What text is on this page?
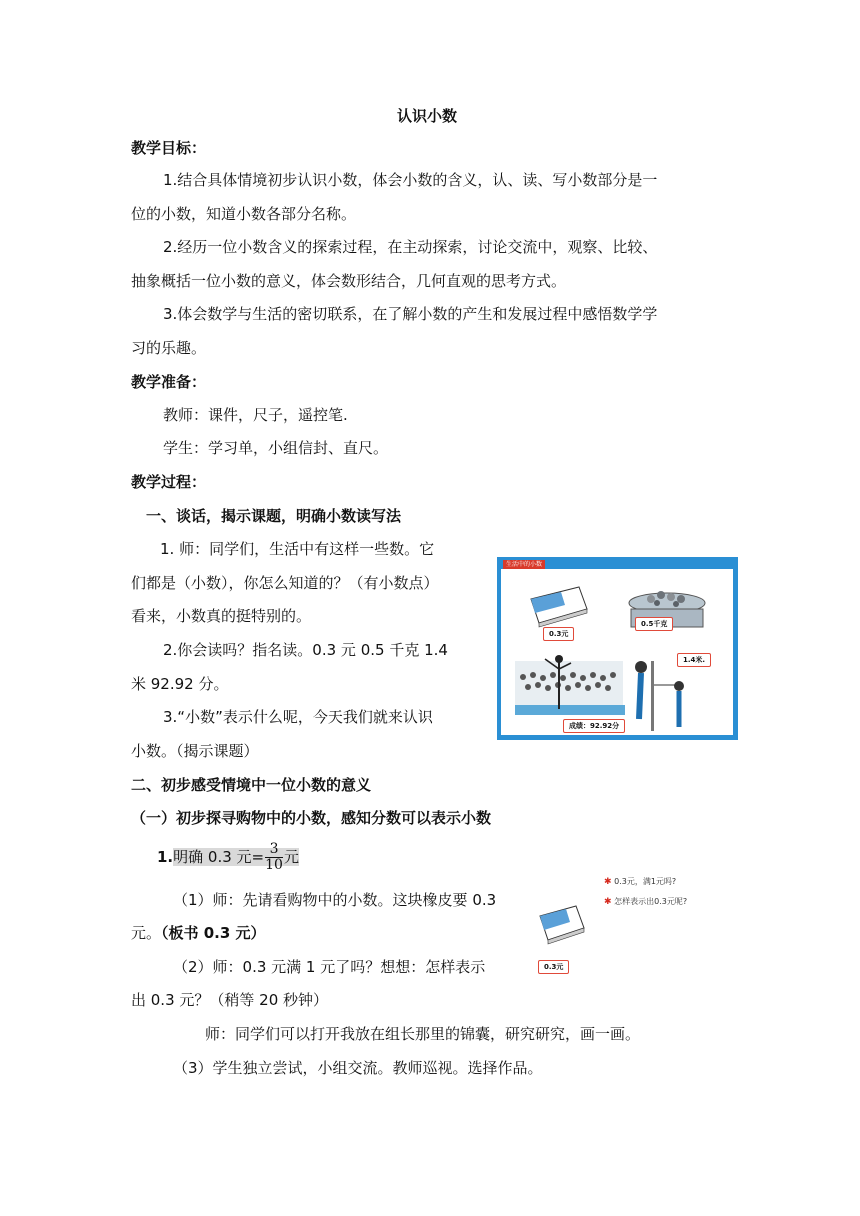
认识小数
教学目标：
1.结合具体情境初步认识小数，体会小数的含义，认、读、写小数部分是一
位的小数，知道小数各部分名称。
2.经历一位小数含义的探索过程，在主动探索，讨论交流中，观察、比较、
抽象概括一位小数的意义，体会数形结合，几何直观的思考方式。
3.体会数学与生活的密切联系，在了解小数的产生和发展过程中感悟数学学
习的乐趣。
教学准备：
教师：课件，尺子，遥控笔.
学生：学习单，小组信封、直尺。
教学过程：
一、谈话，揭示课题，明确小数读写法
1. 师：同学们，生活中有这样一些数。它
们都是（小数），你怎么知道的？（有小数点）
看来，小数真的挺特别的。
2.你会读吗？指名读。0.3 元 0.5 千克 1.4
米 92.92 分。
3.“小数”表示什么呢，今天我们就来认识
小数。（揭示课题）
生活中的小数
0.3元
0.5千克
1.4米.
成绩：92.92分
二、初步感受情境中一位小数的意义
（一）初步探寻购物中的小数，感知分数可以表示小数
1.明确 0.3 元= $\frac{3}{10}$ 元
（1）师：先请看购物中的小数。这块橡皮要 0.3
元。（板书 0.3 元）
（2）师：0.3 元满 1 元了吗？想想：怎样表示
出 0.3 元？（稍等 20 秒钟）
师：同学们可以打开我放在组长那里的锦囊，研究研究，画一画。
（3）学生独立尝试，小组交流。教师巡视。选择作品。
0.3元
✱ 0.3元，满1元吗?
✱ 怎样表示出0.3元呢?
